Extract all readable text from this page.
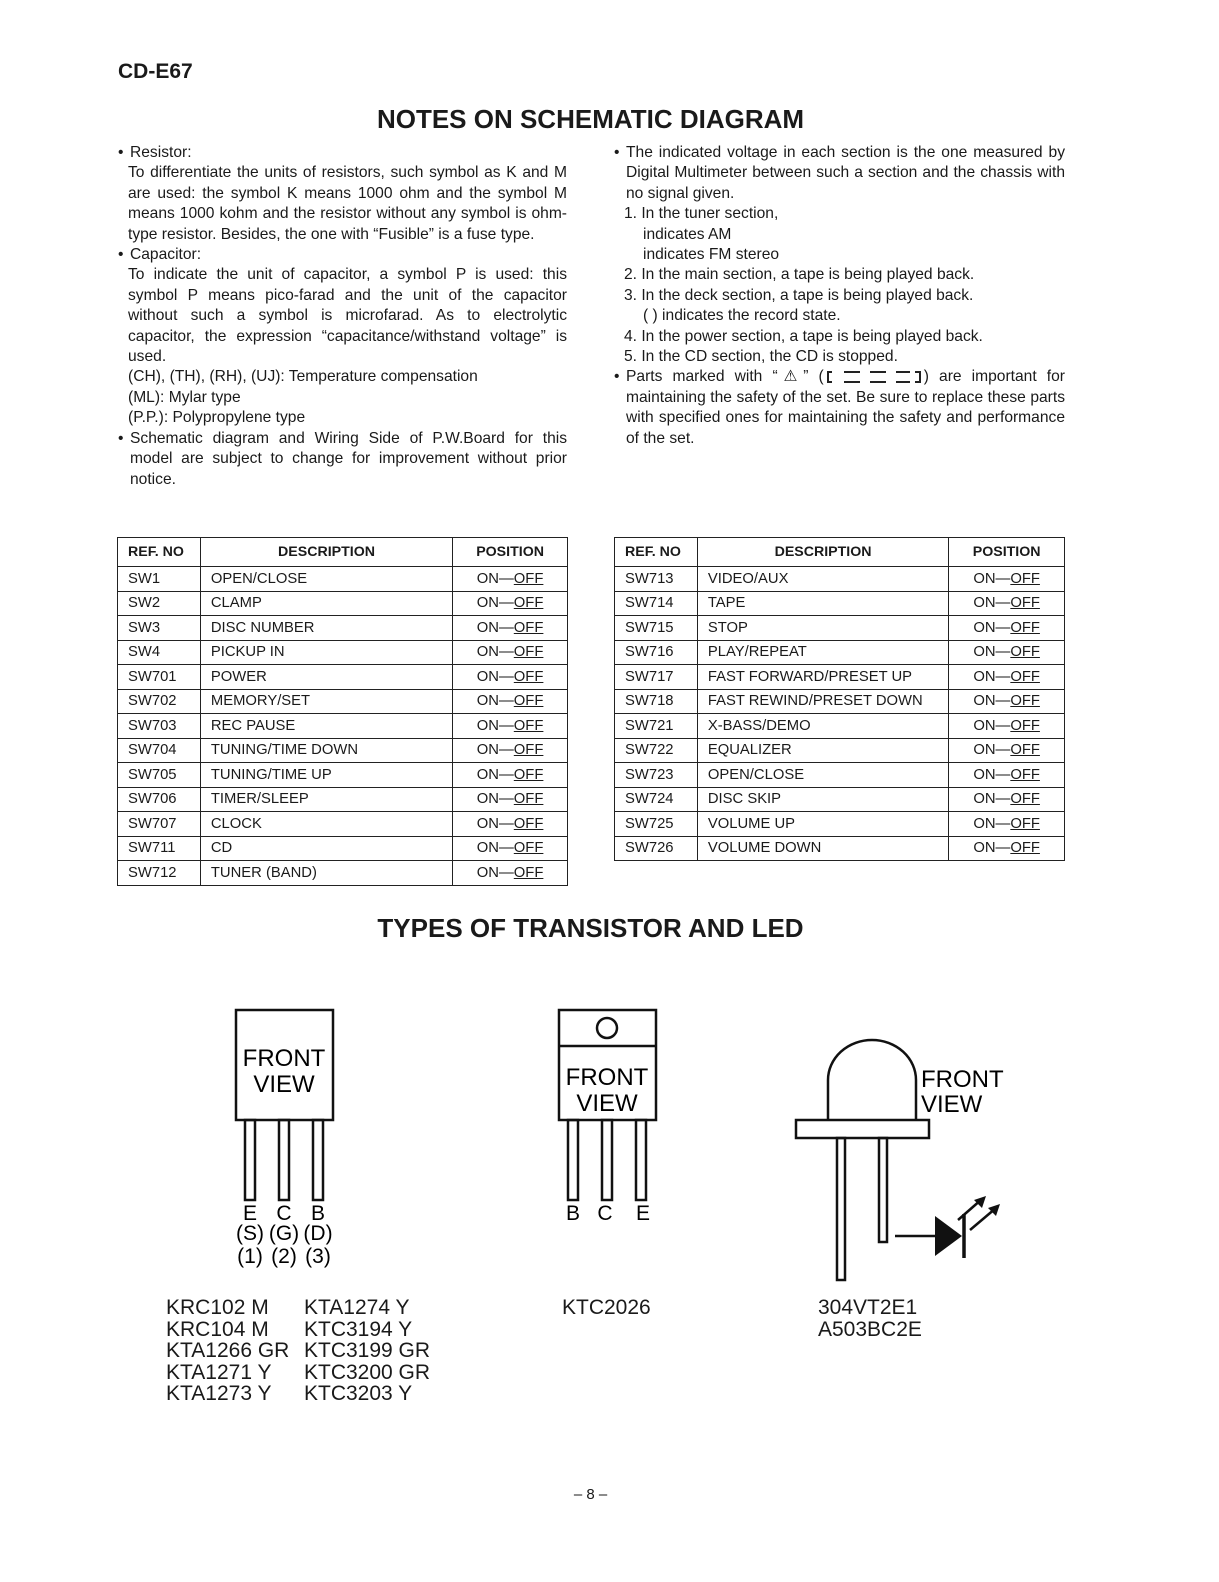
CD-E67
NOTES ON SCHEMATIC DIAGRAM
• Resistor:
To differentiate the units of resistors, such symbol as K and M are used: the symbol K means 1000 ohm and the symbol M means 1000 kohm and the resistor without any symbol is ohm-type resistor. Besides, the one with “Fusible” is a fuse type.
• Capacitor:
To indicate the unit of capacitor, a symbol P is used: this symbol P means pico-farad and the unit of the capacitor without such a symbol is microfarad. As to electrolytic capacitor, the expression “capacitance/withstand voltage” is used.
(CH), (TH), (RH), (UJ): Temperature compensation
(ML): Mylar type
(P.P.): Polypropylene type
• Schematic diagram and Wiring Side of P.W.Board for this model are subject to change for improvement without prior notice.
• The indicated voltage in each section is the one measured by Digital Multimeter between such a section and the chassis with no signal given.
1. In the tuner section,
indicates AM
indicates FM stereo
2. In the main section, a tape is being played back.
3. In the deck section, a tape is being played back.
( ) indicates the record state.
4. In the power section, a tape is being played back.
5. In the CD section, the CD is stopped.
• Parts marked with “⚠” (	) are important for maintaining the safety of the set. Be sure to replace these parts with specified ones for maintaining the safety and performance of the set.
REF. NO	DESCRIPTION	POSITION
SW1	OPEN/CLOSE	ON—OFF
SW2	CLAMP	ON—OFF
SW3	DISC NUMBER	ON—OFF
SW4	PICKUP IN	ON—OFF
SW701	POWER	ON—OFF
SW702	MEMORY/SET	ON—OFF
SW703	REC PAUSE	ON—OFF
SW704	TUNING/TIME DOWN	ON—OFF
SW705	TUNING/TIME UP	ON—OFF
SW706	TIMER/SLEEP	ON—OFF
SW707	CLOCK	ON—OFF
SW711	CD	ON—OFF
SW712	TUNER (BAND)	ON—OFF
REF. NO	DESCRIPTION	POSITION
SW713	VIDEO/AUX	ON—OFF
SW714	TAPE	ON—OFF
SW715	STOP	ON—OFF
SW716	PLAY/REPEAT	ON—OFF
SW717	FAST FORWARD/PRESET UP	ON—OFF
SW718	FAST REWIND/PRESET DOWN	ON—OFF
SW721	X-BASS/DEMO	ON—OFF
SW722	EQUALIZER	ON—OFF
SW723	OPEN/CLOSE	ON—OFF
SW724	DISC SKIP	ON—OFF
SW725	VOLUME UP	ON—OFF
SW726	VOLUME DOWN	ON—OFF
TYPES OF TRANSISTOR AND LED
FRONT
VIEW
E C B
(S) (G) (D)
(1) (2) (3)
FRONT
VIEW
B C E
FRONT
VIEW
KRC102 M
KRC104 M
KTA1266 GR
KTA1271 Y
KTA1273 Y
KTA1274 Y
KTC3194 Y
KTC3199 GR
KTC3200 GR
KTC3203 Y
KTC2026	304VT2E1
A503BC2E
– 8 –
